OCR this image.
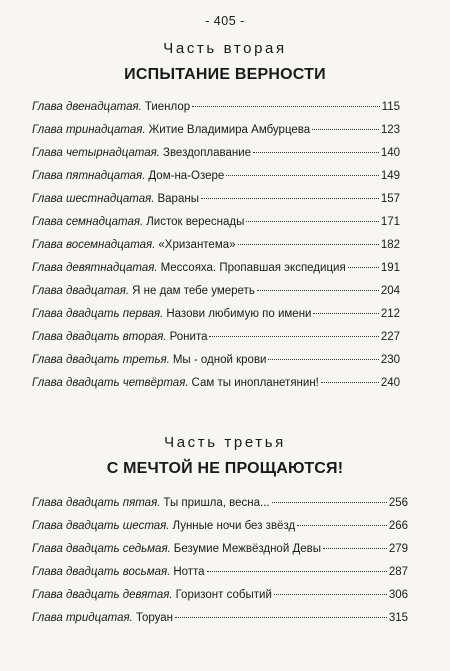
- 405 -
Часть вторая
ИСПЫТАНИЕ ВЕРНОСТИ
Глава двенадцатая. Тиенлор	115
Глава тринадцатая. Житие Владимира Амбурцева	123
Глава четырнадцатая. Звездоплавание	140
Глава пятнадцатая. Дом-на-Озере	149
Глава шестнадцатая. Вараны	157
Глава семнадцатая. Листок вереснады	171
Глава восемнадцатая. «Хризантема»	182
Глава девятнадцатая. Мессояха. Пропавшая экспедиция	191
Глава двадцатая. Я не дам тебе умереть	204
Глава двадцать первая. Назови любимую по имени	212
Глава двадцать вторая. Ронита	227
Глава двадцать третья. Мы - одной крови	230
Глава двадцать четвёртая. Сам ты инопланетянин!	240
Часть третья
С МЕЧТОЙ НЕ ПРОЩАЮТСЯ!
Глава двадцать пятая. Ты пришла, весна...	256
Глава двадцать шестая. Лунные ночи без звёзд	266
Глава двадцать седьмая. Безумие Межвёздной Девы	279
Глава двадцать восьмая. Нотта	287
Глава двадцать девятая. Горизонт событий	306
Глава тридцатая. Торуан	315
